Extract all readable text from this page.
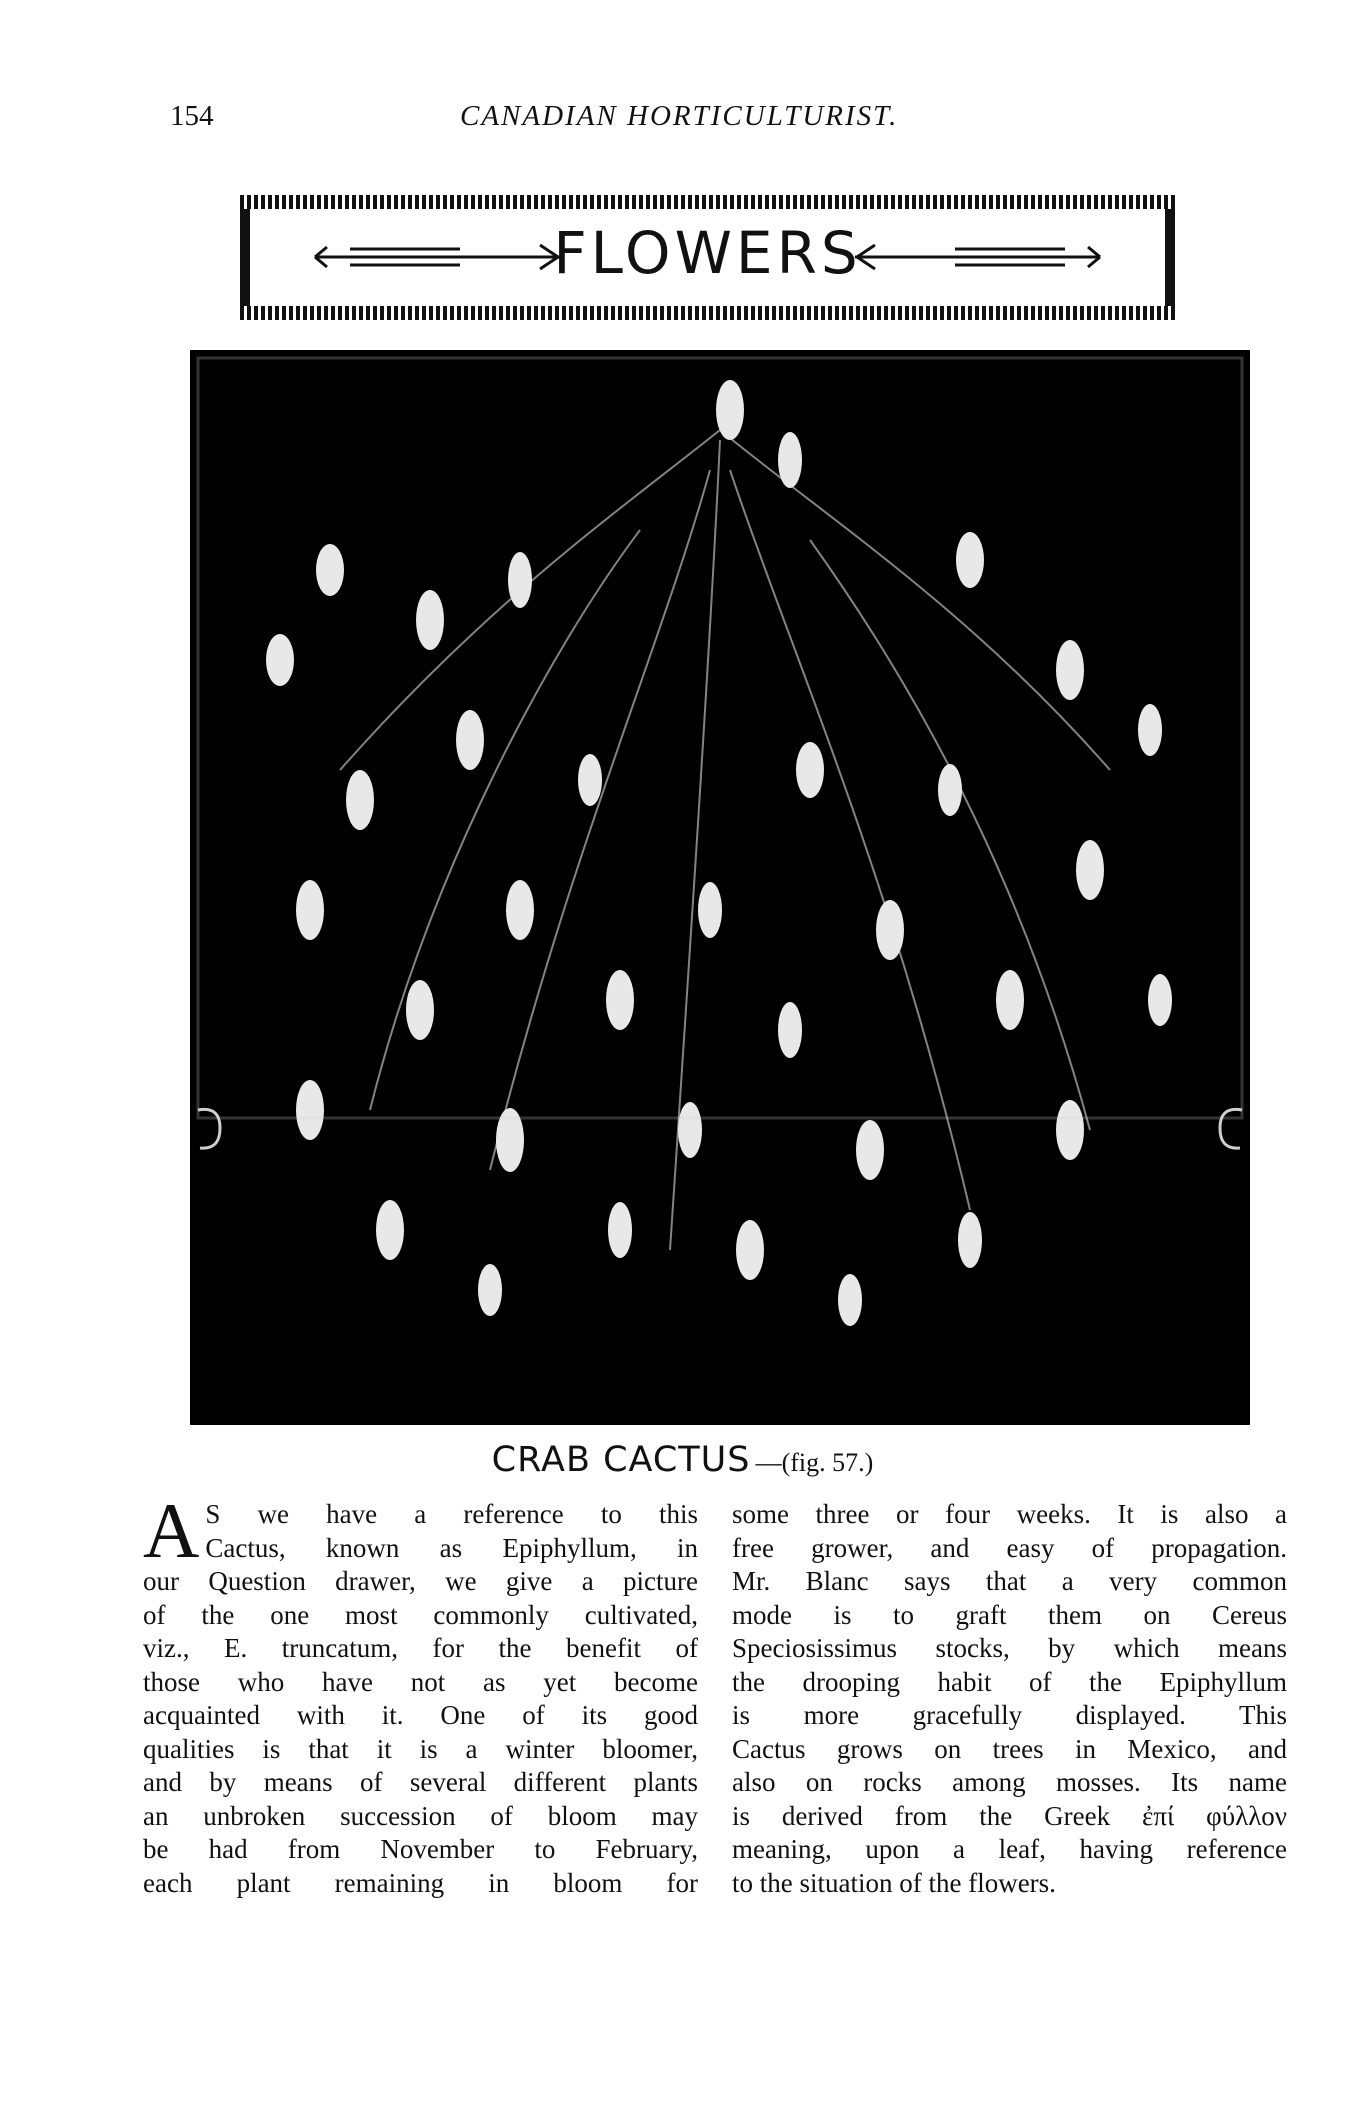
154	CANADIAN HORTICULTURIST.
FLOWERS
CRAB CACTUS —(fig. 57.)
A S we have a reference to this
Cactus, known as Epiphyllum, in
our Question drawer, we give a picture
of the one most commonly cultivated,
viz., E. truncatum, for the benefit of
those who have not as yet become
acquainted with it. One of its good
qualities is that it is a winter bloomer,
and by means of several different plants
an unbroken succession of bloom may
be had from November to February,
each plant remaining in bloom for
some three or four weeks. It is also a
free grower, and easy of propagation.
Mr. Blanc says that a very common
mode is to graft them on Cereus
Speciosissimus stocks, by which means
the drooping habit of the Epiphyllum
is more gracefully displayed. This
Cactus grows on trees in Mexico, and
also on rocks among mosses. Its name
is derived from the Greek ἐπί φύλλον
meaning, upon a leaf, having reference
to the situation of the flowers.
